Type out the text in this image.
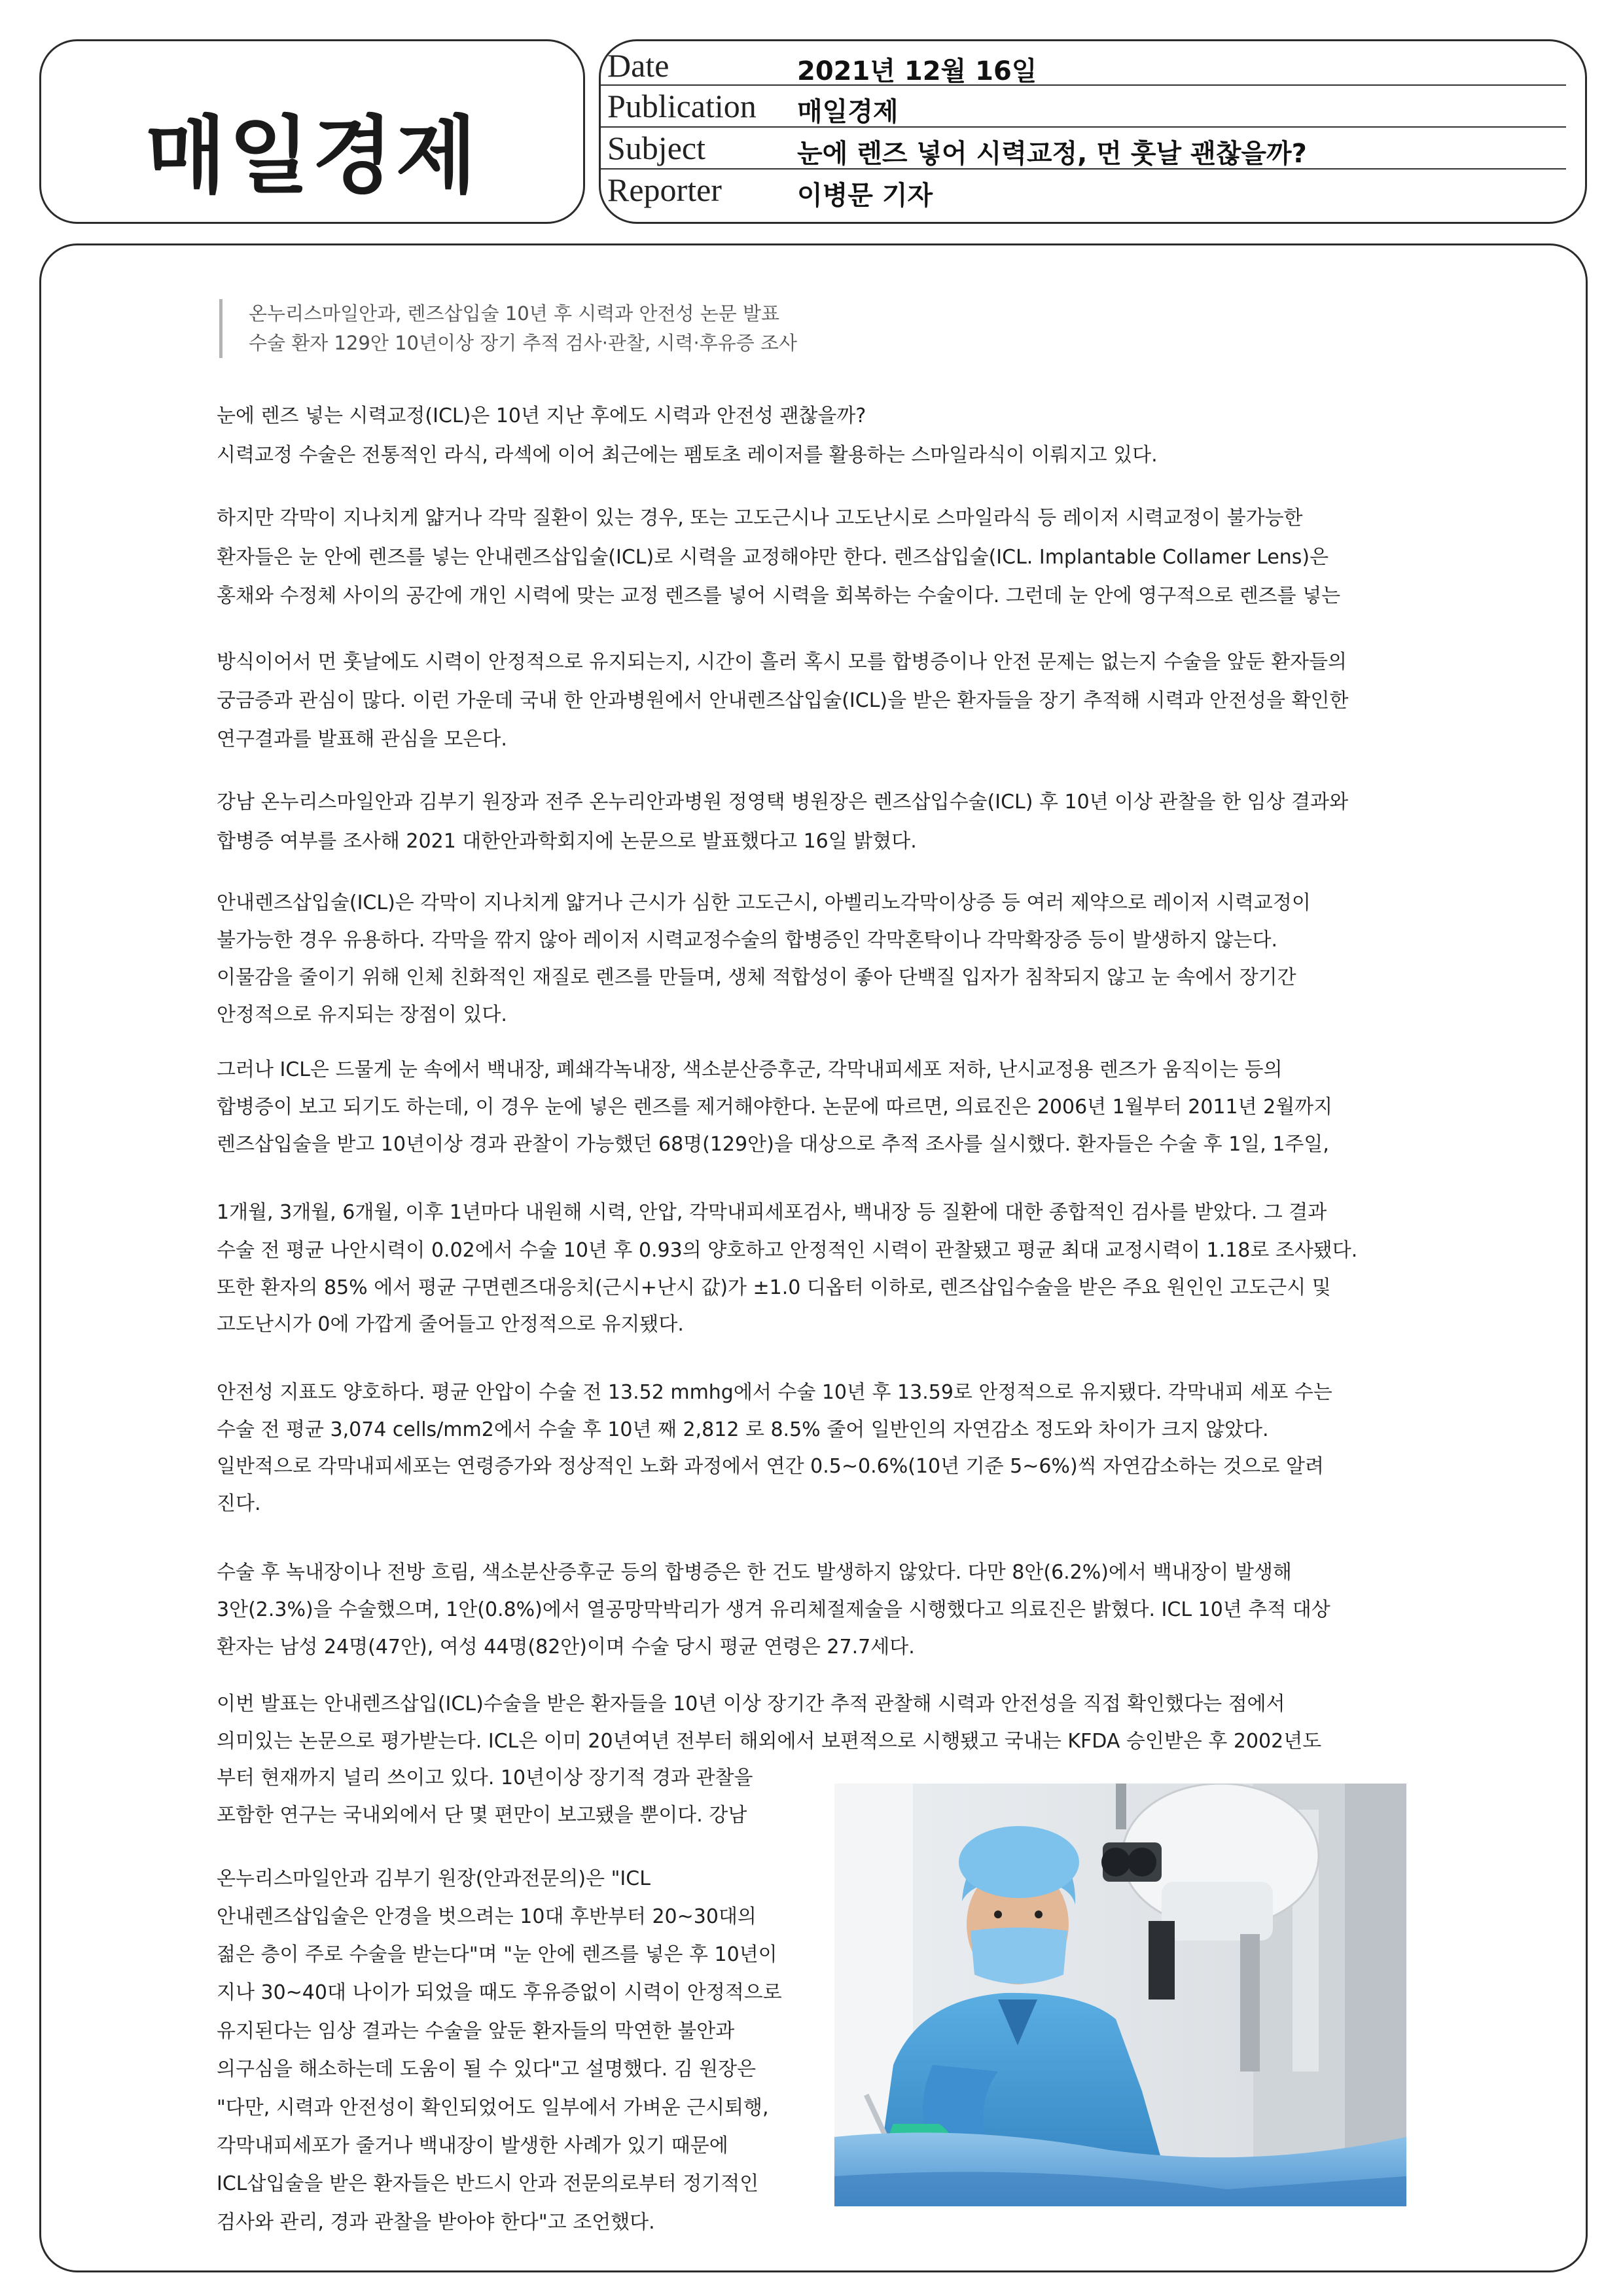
매일경제
Date	2021년 12월 16일
Publication 매일경제
Subject	눈에 렌즈 넣어 시력교정, 먼 훗날 괜찮을까?
Reporter	이병문 기자
온누리스마일안과, 렌즈삽입술 10년 후 시력과 안전성 논문 발표
수술 환자 129안 10년이상 장기 추적 검사·관찰, 시력·후유증 조사
눈에 렌즈 넣는 시력교정(ICL)은 10년 지난 후에도 시력과 안전성 괜찮을까?
시력교정 수술은 전통적인 라식, 라섹에 이어 최근에는 펨토초 레이저를 활용하는 스마일라식이 이뤄지고 있다.
하지만 각막이 지나치게 얇거나 각막 질환이 있는 경우, 또는 고도근시나 고도난시로 스마일라식 등 레이저 시력교정이 불가능한
환자들은 눈 안에 렌즈를 넣는 안내렌즈삽입술(ICL)로 시력을 교정해야만 한다. 렌즈삽입술(ICL. Implantable Collamer Lens)은
홍채와 수정체 사이의 공간에 개인 시력에 맞는 교정 렌즈를 넣어 시력을 회복하는 수술이다. 그런데 눈 안에 영구적으로 렌즈를 넣는
방식이어서 먼 훗날에도 시력이 안정적으로 유지되는지, 시간이 흘러 혹시 모를 합병증이나 안전 문제는 없는지 수술을 앞둔 환자들의
궁금증과 관심이 많다. 이런 가운데 국내 한 안과병원에서 안내렌즈삽입술(ICL)을 받은 환자들을 장기 추적해 시력과 안전성을 확인한
연구결과를 발표해 관심을 모은다.
강남 온누리스마일안과 김부기 원장과 전주 온누리안과병원 정영택 병원장은 렌즈삽입수술(ICL) 후 10년 이상 관찰을 한 임상 결과와
합병증 여부를 조사해 2021 대한안과학회지에 논문으로 발표했다고 16일 밝혔다.
안내렌즈삽입술(ICL)은 각막이 지나치게 얇거나 근시가 심한 고도근시, 아벨리노각막이상증 등 여러 제약으로 레이저 시력교정이
불가능한 경우 유용하다. 각막을 깎지 않아 레이저 시력교정수술의 합병증인 각막혼탁이나 각막확장증 등이 발생하지 않는다.
이물감을 줄이기 위해 인체 친화적인 재질로 렌즈를 만들며, 생체 적합성이 좋아 단백질 입자가 침착되지 않고 눈 속에서 장기간
안정적으로 유지되는 장점이 있다.
그러나 ICL은 드물게 눈 속에서 백내장, 폐쇄각녹내장, 색소분산증후군, 각막내피세포 저하, 난시교정용 렌즈가 움직이는 등의
합병증이 보고 되기도 하는데, 이 경우 눈에 넣은 렌즈를 제거해야한다. 논문에 따르면, 의료진은 2006년 1월부터 2011년 2월까지
렌즈삽입술을 받고 10년이상 경과 관찰이 가능했던 68명(129안)을 대상으로 추적 조사를 실시했다. 환자들은 수술 후 1일, 1주일,
1개월, 3개월, 6개월, 이후 1년마다 내원해 시력, 안압, 각막내피세포검사, 백내장 등 질환에 대한 종합적인 검사를 받았다. 그 결과
수술 전 평균 나안시력이 0.02에서 수술 10년 후 0.93의 양호하고 안정적인 시력이 관찰됐고 평균 최대 교정시력이 1.18로 조사됐다.
또한 환자의 85% 에서 평균 구면렌즈대응치(근시+난시 값)가 ±1.0 디옵터 이하로, 렌즈삽입수술을 받은 주요 원인인 고도근시 및
고도난시가 0에 가깝게 줄어들고 안정적으로 유지됐다.
안전성 지표도 양호하다. 평균 안압이 수술 전 13.52 mmhg에서 수술 10년 후 13.59로 안정적으로 유지됐다. 각막내피 세포 수는
수술 전 평균 3,074 cells/mm2에서 수술 후 10년 째 2,812 로 8.5% 줄어 일반인의 자연감소 정도와 차이가 크지 않았다.
일반적으로 각막내피세포는 연령증가와 정상적인 노화 과정에서 연간 0.5~0.6%(10년 기준 5~6%)씩 자연감소하는 것으로 알려
진다.
수술 후 녹내장이나 전방 흐림, 색소분산증후군 등의 합병증은 한 건도 발생하지 않았다. 다만 8안(6.2%)에서 백내장이 발생해
3안(2.3%)을 수술했으며, 1안(0.8%)에서 열공망막박리가 생겨 유리체절제술을 시행했다고 의료진은 밝혔다. ICL 10년 추적 대상
환자는 남성 24명(47안), 여성 44명(82안)이며 수술 당시 평균 연령은 27.7세다.
이번 발표는 안내렌즈삽입(ICL)수술을 받은 환자들을 10년 이상 장기간 추적 관찰해 시력과 안전성을 직접 확인했다는 점에서
의미있는 논문으로 평가받는다. ICL은 이미 20년여년 전부터 해외에서 보편적으로 시행됐고 국내는 KFDA 승인받은 후 2002년도
부터 현재까지 널리 쓰이고 있다. 10년이상 장기적 경과 관찰을
포함한 연구는 국내외에서 단 몇 편만이 보고됐을 뿐이다. 강남
온누리스마일안과 김부기 원장(안과전문의)은 "ICL
안내렌즈삽입술은 안경을 벗으려는 10대 후반부터 20~30대의
젊은 층이 주로 수술을 받는다"며 "눈 안에 렌즈를 넣은 후 10년이
지나 30~40대 나이가 되었을 때도 후유증없이 시력이 안정적으로
유지된다는 임상 결과는 수술을 앞둔 환자들의 막연한 불안과
의구심을 해소하는데 도움이 될 수 있다"고 설명했다. 김 원장은
"다만, 시력과 안전성이 확인되었어도 일부에서 가벼운 근시퇴행,
각막내피세포가 줄거나 백내장이 발생한 사례가 있기 때문에
ICL삽입술을 받은 환자들은 반드시 안과 전문의로부터 정기적인
검사와 관리, 경과 관찰을 받아야 한다"고 조언했다.
